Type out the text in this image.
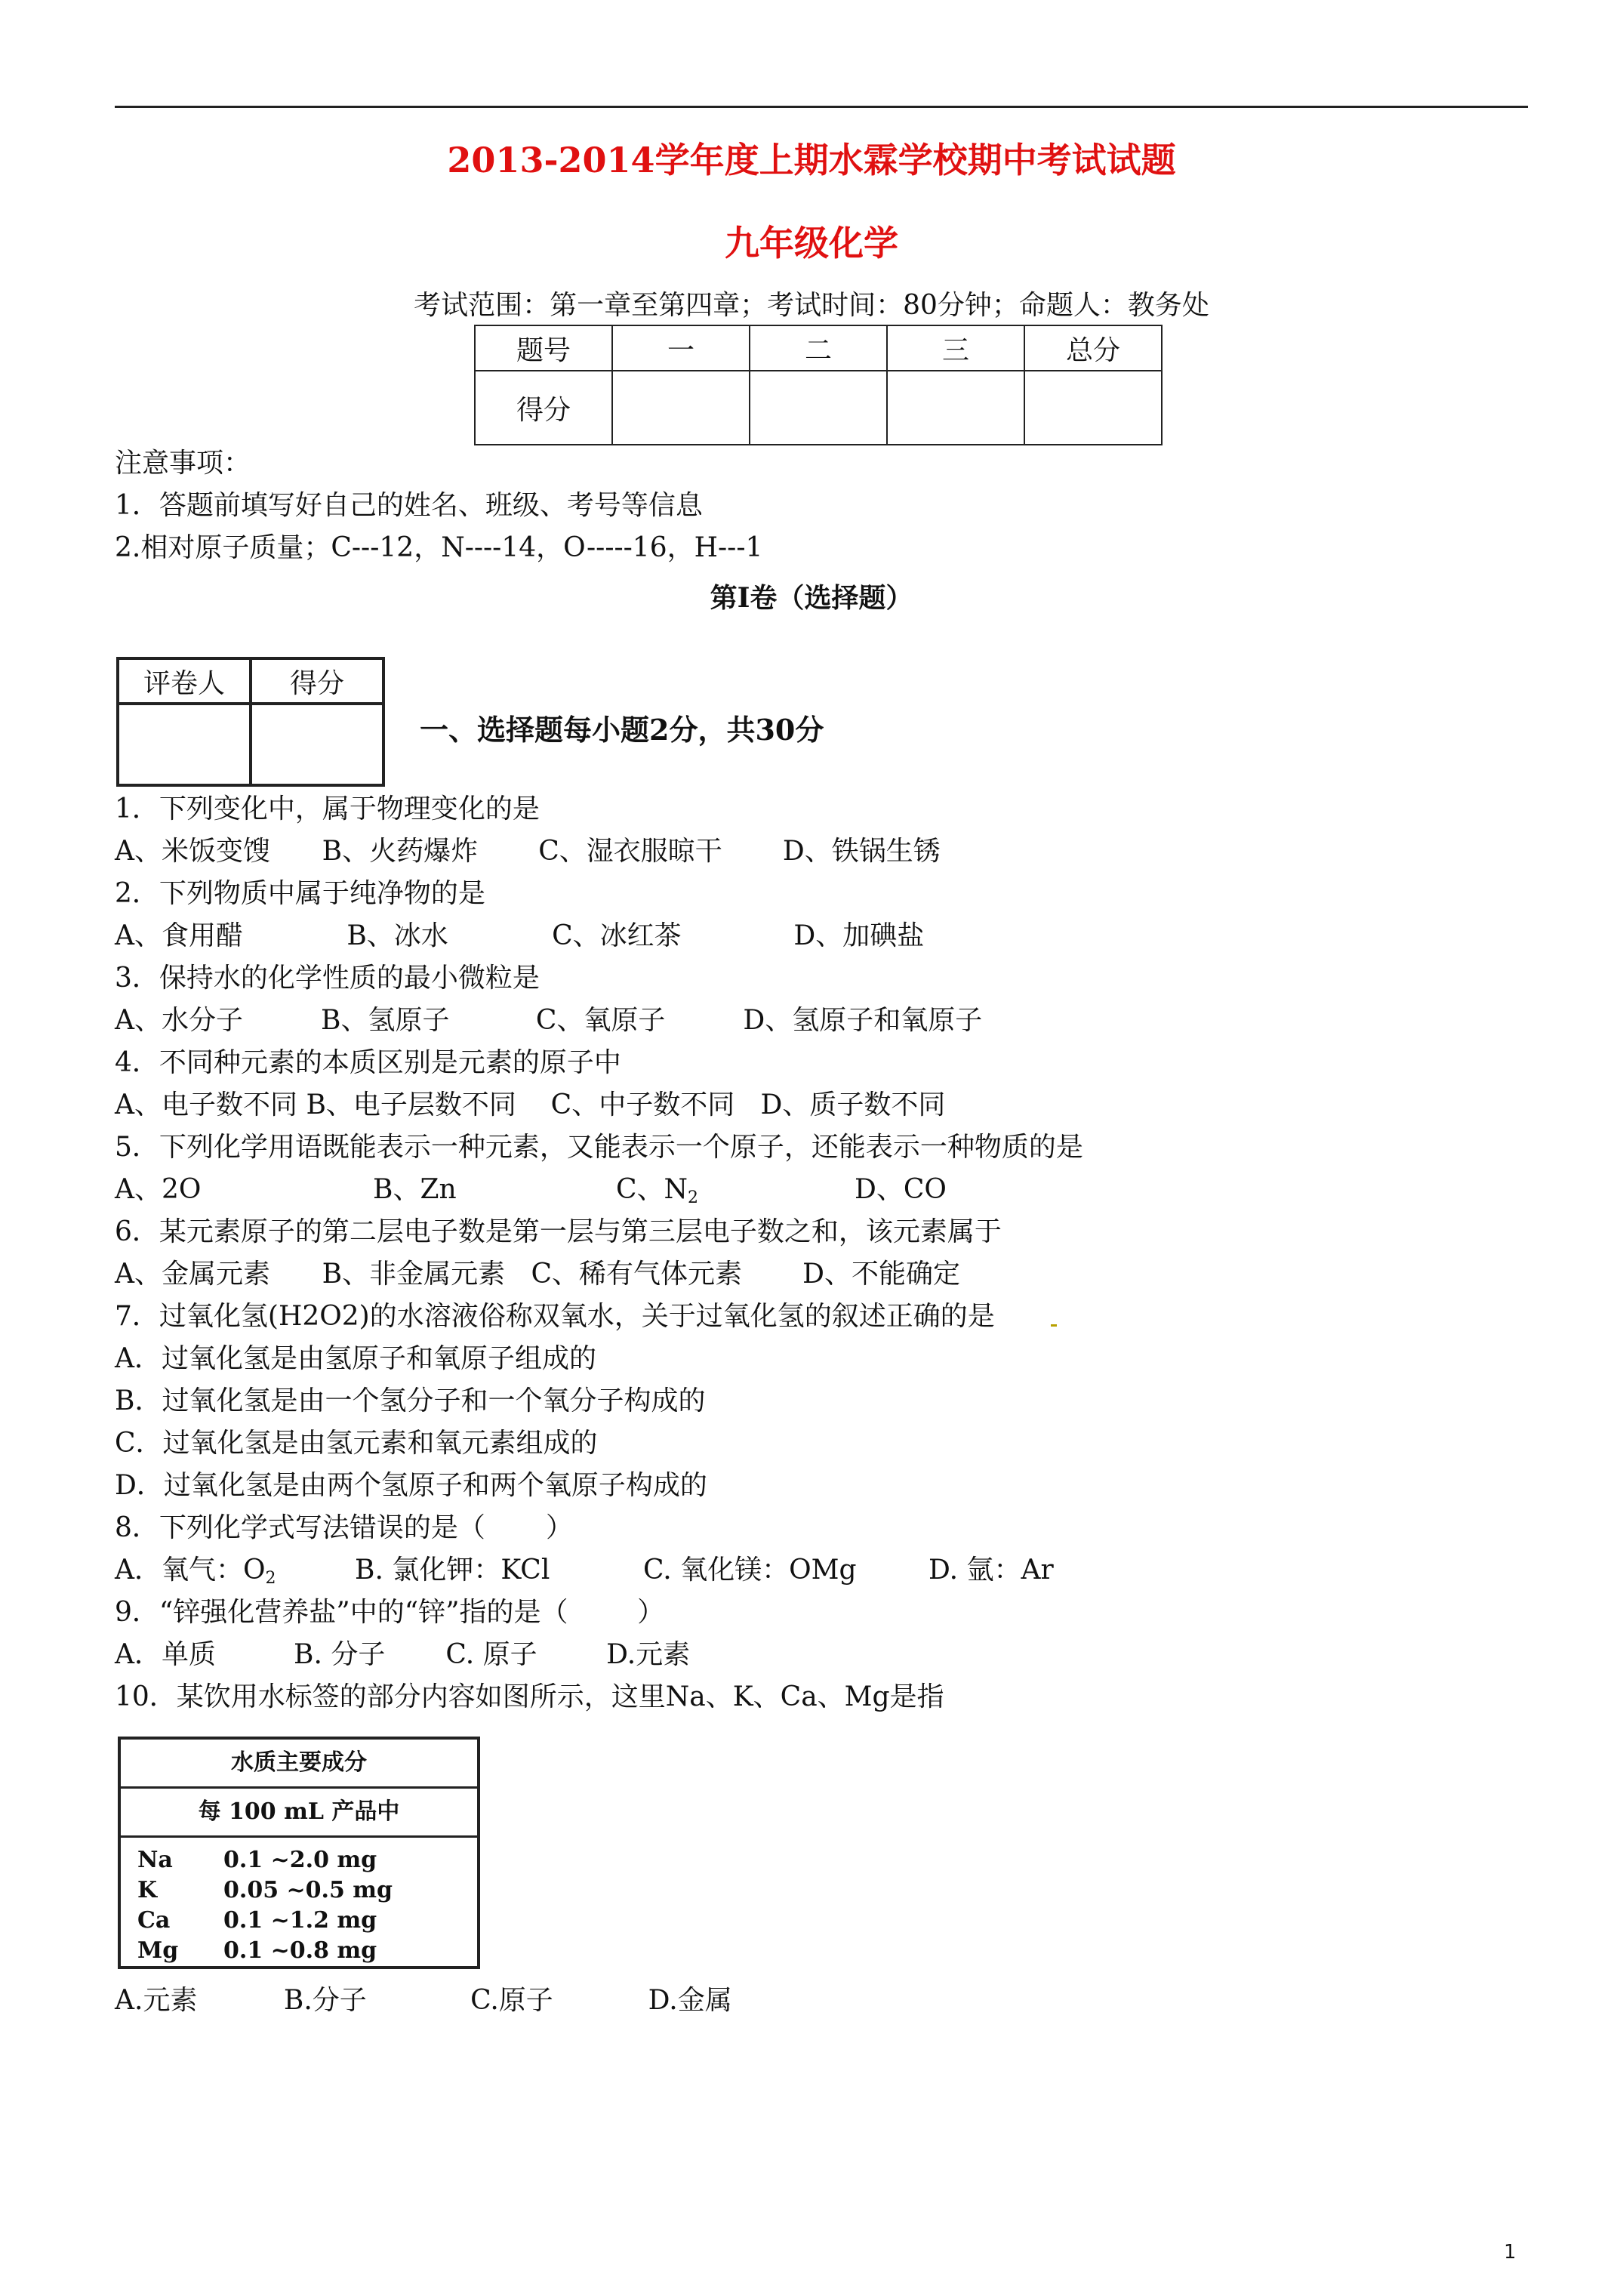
2013-2014学年度上期水霖学校期中考试试题
九年级化学
考试范围：第一章至第四章；考试时间：80分钟；命题人：教务处
题号	一	二	三	总分
得分				
注意事项：
1．答题前填写好自己的姓名、班级、考号等信息
2.相对原子质量；C---12，N----14，O-----16，H---1
第Ⅰ卷（选择题）
评卷人	得分

一、选择题每小题2分，共30分
1．下列变化中，属于物理变化的是
A、米饭变馊      B、火药爆炸       C、湿衣服晾干       D、铁锅生锈
2．下列物质中属于纯净物的是
A、食用醋            B、冰水            C、冰红茶             D、加碘盐
3．保持水的化学性质的最小微粒是
A、水分子         B、氢原子          C、氧原子         D、氢原子和氧原子
4．不同种元素的本质区别是元素的原子中
A、电子数不同 B、电子层数不同    C、中子数不同   D、质子数不同
5．下列化学用语既能表示一种元素，又能表示一个原子，还能表示一种物质的是
A、2O	B、Zn	C、$N_2$	D、CO
6．某元素原子的第二层电子数是第一层与第三层电子数之和，该元素属于
A、金属元素      B、非金属元素   C、稀有气体元素       D、不能确定
7．过氧化氢(H2O2)的水溶液俗称双氧水，关于过氧化氢的叙述正确的是
A．过氧化氢是由氢原子和氧原子组成的
B．过氧化氢是由一个氢分子和一个氧分子构成的
C．过氧化氢是由氢元素和氧元素组成的
D．过氧化氢是由两个氢原子和两个氧原子构成的
8．下列化学式写法错误的是（       ）
A．氧气：$O_2$	B. 氯化钾：KCl	C. 氧化镁：OMg	D. 氩：Ar
9．“锌强化营养盐”中的“锌”指的是（        ）
A．单质         B. 分子       C. 原子        D.元素
10．某饮用水标签的部分内容如图所示，这里Na、K、Ca、Mg是指
水质主要成分
每 100 mL 产品中
Na 0.1 ~2.0 mg
K	0.05 ~0.5 mg
Ca 0.1 ~1.2 mg
Mg 0.1 ~0.8 mg
A.元素          B.分子            C.原子           D.金属
1
